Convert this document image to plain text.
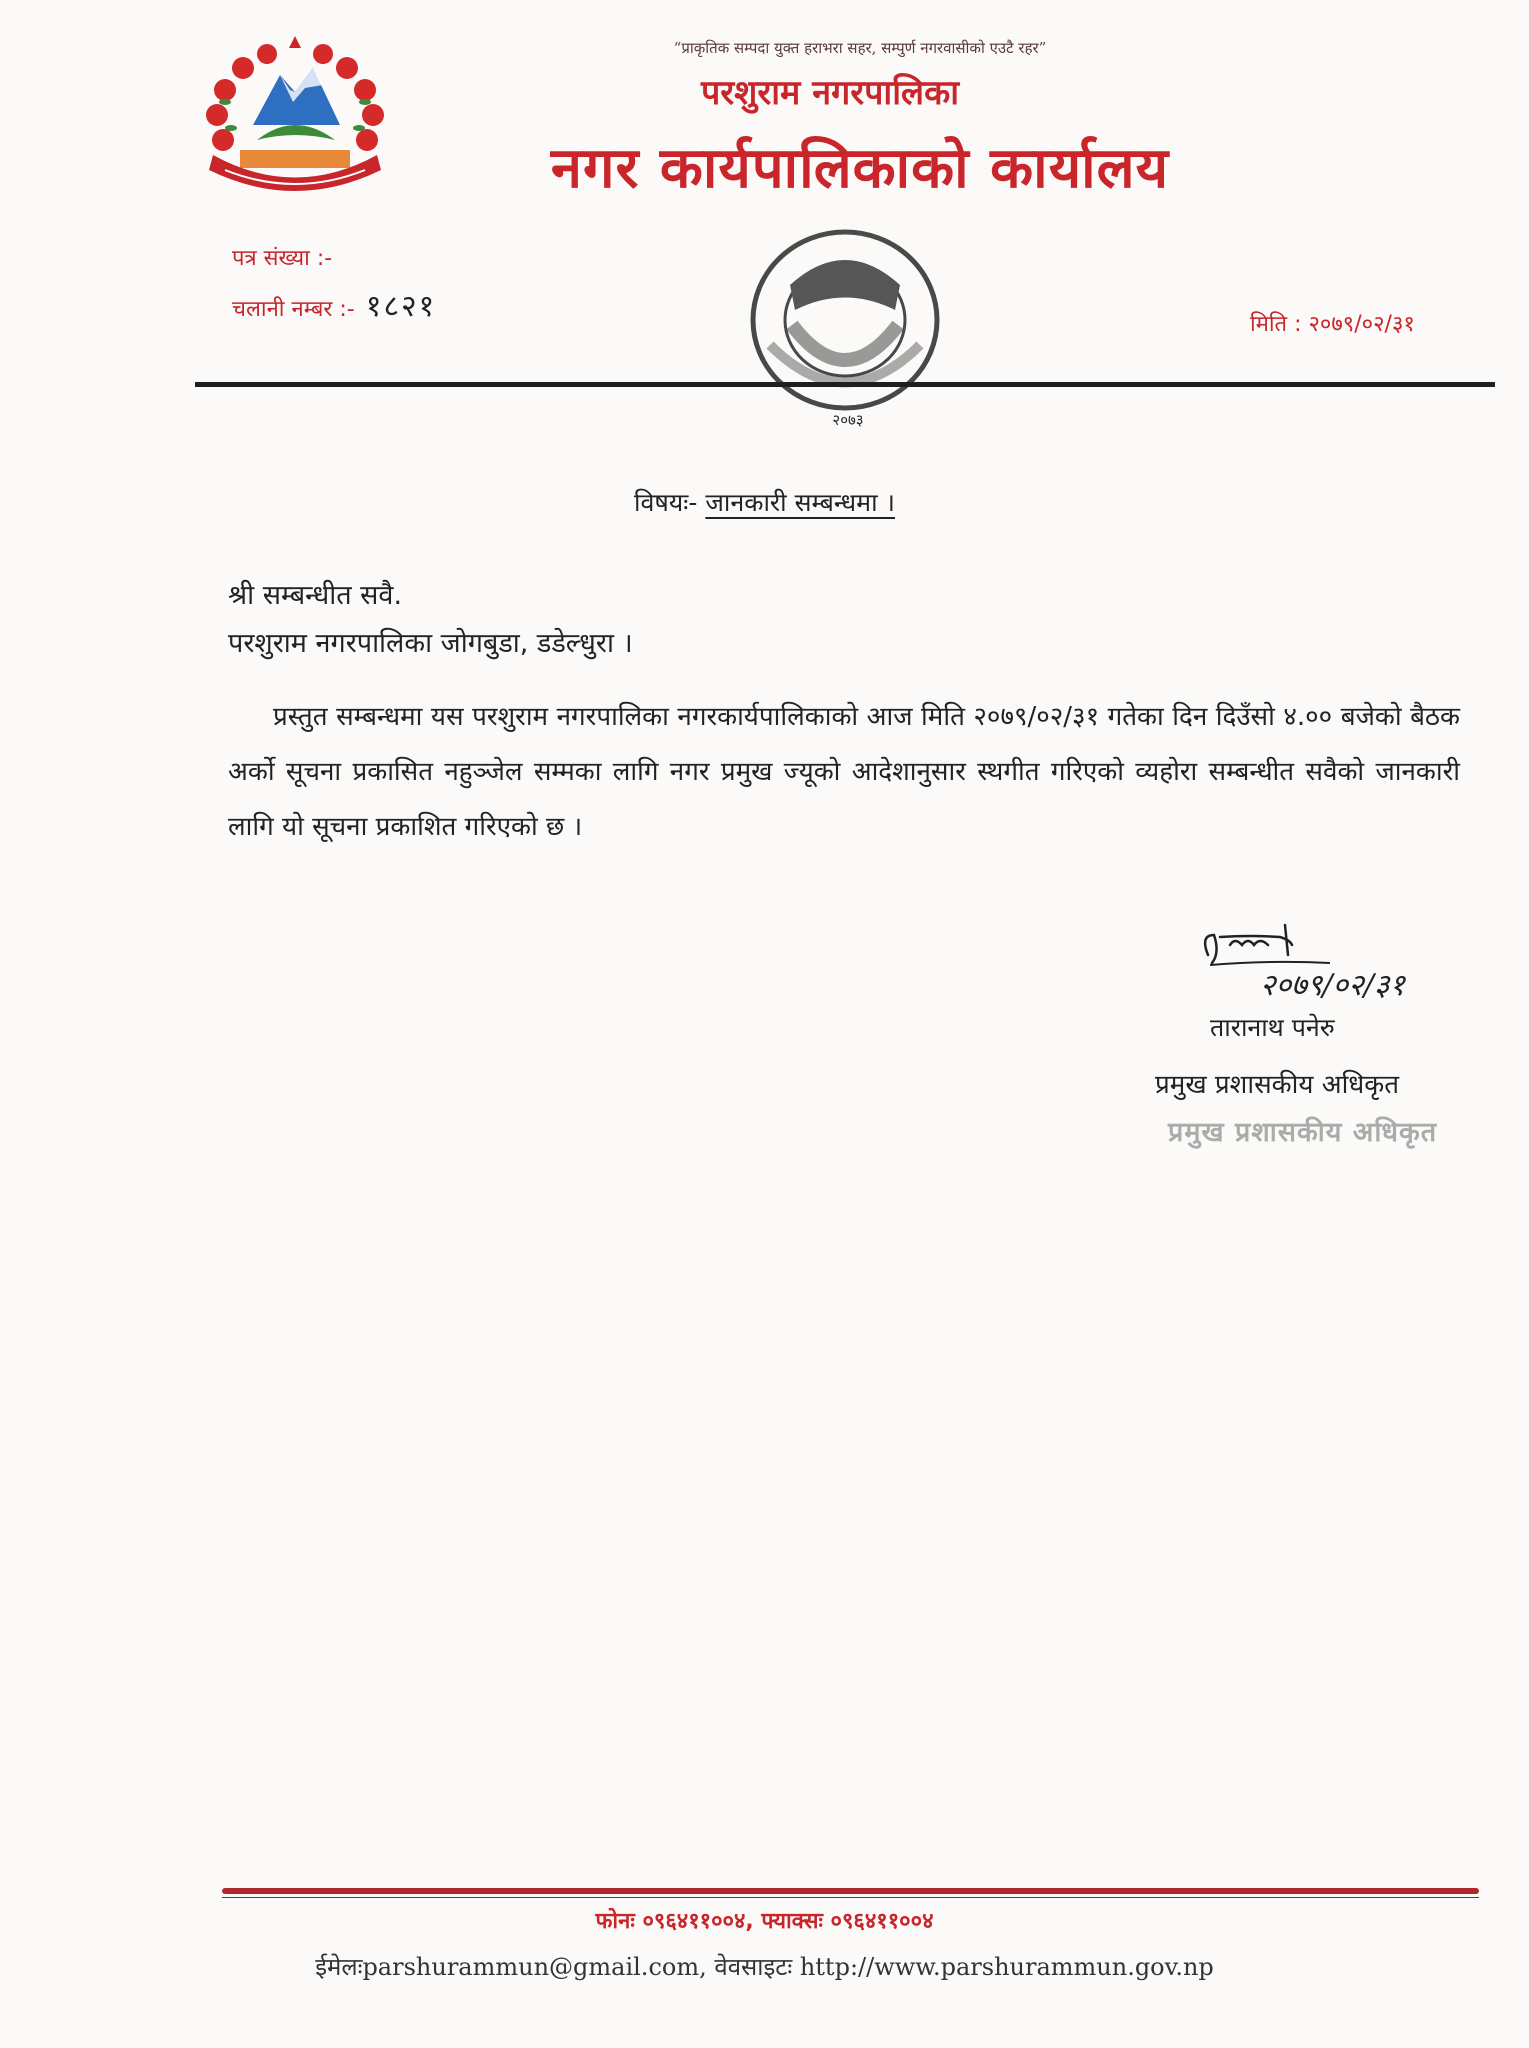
“प्राकृतिक सम्पदा युक्त हराभरा सहर, सम्पुर्ण नगरवासीको एउटै रहर”
परशुराम नगरपालिका
नगर कार्यपालिकाको कार्यालय
पत्र संख्या :-
चलानी नम्बर :- १८२१
मिति : २०७९/०२/३१
२०७३
विषयः- जानकारी सम्बन्धमा ।
श्री सम्बन्धीत सवै.
परशुराम नगरपालिका जोगबुडा, डडेल्धुरा ।
प्रस्तुत सम्बन्धमा यस परशुराम नगरपालिका नगरकार्यपालिकाको आज मिति २०७९/०२/३१ गतेका दिन दिउँसो ४.०० बजेको बैठक अर्को सूचना प्रकासित नहुञ्जेल सम्मका लागि नगर प्रमुख ज्यूको आदेशानुसार स्थगीत गरिएको व्यहोरा सम्बन्धीत सवैको जानकारी लागि यो सूचना प्रकाशित गरिएको छ ।
२०७९/०२/३१
तारानाथ पनेरु
प्रमुख प्रशासकीय अधिकृत
प्रमुख प्रशासकीय अधिकृत
फोनः ०९६४११००४, फ्याक्सः ०९६४११००४
ईमेलःparshurammun@gmail.com, वेवसाइटः http://www.parshurammun.gov.np
